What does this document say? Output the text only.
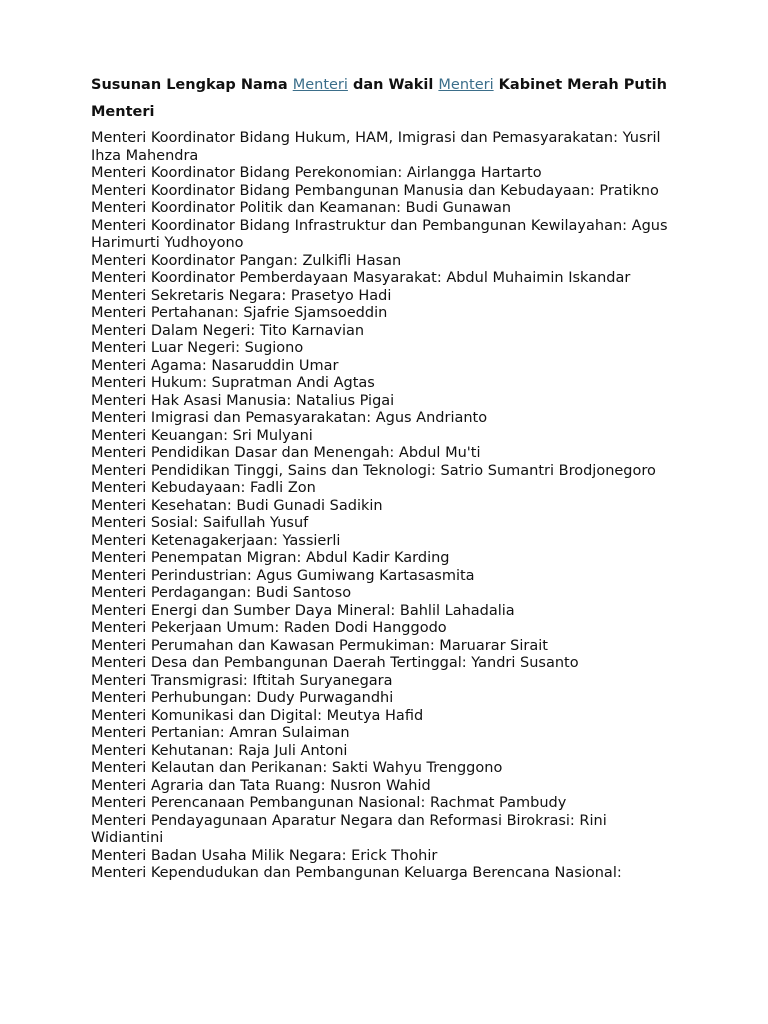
Susunan Lengkap Nama Menteri dan Wakil Menteri Kabinet Merah Putih

Menteri

Menteri Koordinator Bidang Hukum, HAM, Imigrasi dan Pemasyarakatan: Yusril Ihza Mahendra
Menteri Koordinator Bidang Perekonomian: Airlangga Hartarto
Menteri Koordinator Bidang Pembangunan Manusia dan Kebudayaan: Pratikno
Menteri Koordinator Politik dan Keamanan: Budi Gunawan
Menteri Koordinator Bidang Infrastruktur dan Pembangunan Kewilayahan: Agus Harimurti Yudhoyono
Menteri Koordinator Pangan: Zulkifli Hasan
Menteri Koordinator Pemberdayaan Masyarakat: Abdul Muhaimin Iskandar
Menteri Sekretaris Negara: Prasetyo Hadi
Menteri Pertahanan: Sjafrie Sjamsoeddin
Menteri Dalam Negeri: Tito Karnavian
Menteri Luar Negeri: Sugiono
Menteri Agama: Nasaruddin Umar
Menteri Hukum: Supratman Andi Agtas
Menteri Hak Asasi Manusia: Natalius Pigai
Menteri Imigrasi dan Pemasyarakatan: Agus Andrianto
Menteri Keuangan: Sri Mulyani
Menteri Pendidikan Dasar dan Menengah: Abdul Mu'ti
Menteri Pendidikan Tinggi, Sains dan Teknologi: Satrio Sumantri Brodjonegoro
Menteri Kebudayaan: Fadli Zon
Menteri Kesehatan: Budi Gunadi Sadikin
Menteri Sosial: Saifullah Yusuf
Menteri Ketenagakerjaan: Yassierli
Menteri Penempatan Migran: Abdul Kadir Karding
Menteri Perindustrian: Agus Gumiwang Kartasasmita
Menteri Perdagangan: Budi Santoso
Menteri Energi dan Sumber Daya Mineral: Bahlil Lahadalia
Menteri Pekerjaan Umum: Raden Dodi Hanggodo
Menteri Perumahan dan Kawasan Permukiman: Maruarar Sirait
Menteri Desa dan Pembangunan Daerah Tertinggal: Yandri Susanto
Menteri Transmigrasi: Iftitah Suryanegara
Menteri Perhubungan: Dudy Purwagandhi
Menteri Komunikasi dan Digital: Meutya Hafid
Menteri Pertanian: Amran Sulaiman
Menteri Kehutanan: Raja Juli Antoni
Menteri Kelautan dan Perikanan: Sakti Wahyu Trenggono
Menteri Agraria dan Tata Ruang: Nusron Wahid
Menteri Perencanaan Pembangunan Nasional: Rachmat Pambudy
Menteri Pendayagunaan Aparatur Negara dan Reformasi Birokrasi: Rini Widiantini
Menteri Badan Usaha Milik Negara: Erick Thohir
Menteri Kependudukan dan Pembangunan Keluarga Berencana Nasional:
